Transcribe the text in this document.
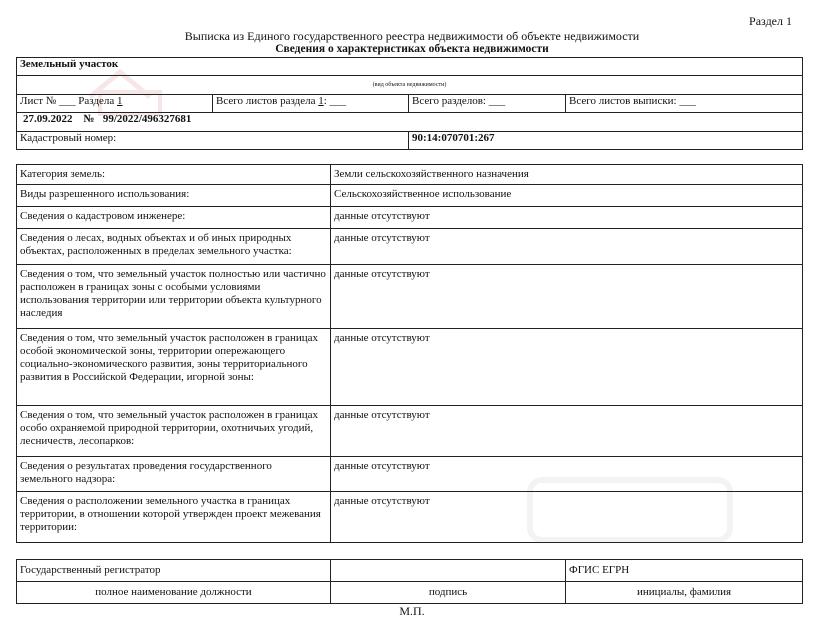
Раздел 1
Выписка из Единого государственного реестра недвижимости об объекте недвижимости
Сведения о характеристиках объекта недвижимости
Земельный участок			
(вид объекта недвижимости)			
Лист № ___ Раздела 1	Всего листов раздела 1: ___	Всего разделов: ___	Всего листов выписки: ___
27.09.2022 № 99/2022/496327681			
Кадастровый номер:		90:14:070701:267	
Категория земель:	Земли сельскохозяйственного назначения
Виды разрешенного использования:	Сельскохозяйственное использование
Сведения о кадастровом инженере:	данные отсутствуют
Сведения о лесах, водных объектах и об иных природных объектах, расположенных в пределах земельного участка:	данные отсутствуют
Сведения о том, что земельный участок полностью или частично расположен в границах зоны с особыми условиями использования территории или территории объекта культурного наследия	данные отсутствуют
Сведения о том, что земельный участок расположен в границах особой экономической зоны, территории опережающего социально-экономического развития, зоны территориального развития в Российской Федерации, игорной зоны:	данные отсутствуют
Сведения о том, что земельный участок расположен в границах особо охраняемой природной территории, охотничьих угодий, лесничеств, лесопарков:	данные отсутствуют
Сведения о результатах проведения государственного земельного надзора:	данные отсутствуют
Сведения о расположении земельного участка в границах территории, в отношении которой утвержден проект межевания территории:	данные отсутствуют
Государственный регистратор		ФГИС ЕГРН
полное наименование должности	подпись	инициалы, фамилия
М.П.
